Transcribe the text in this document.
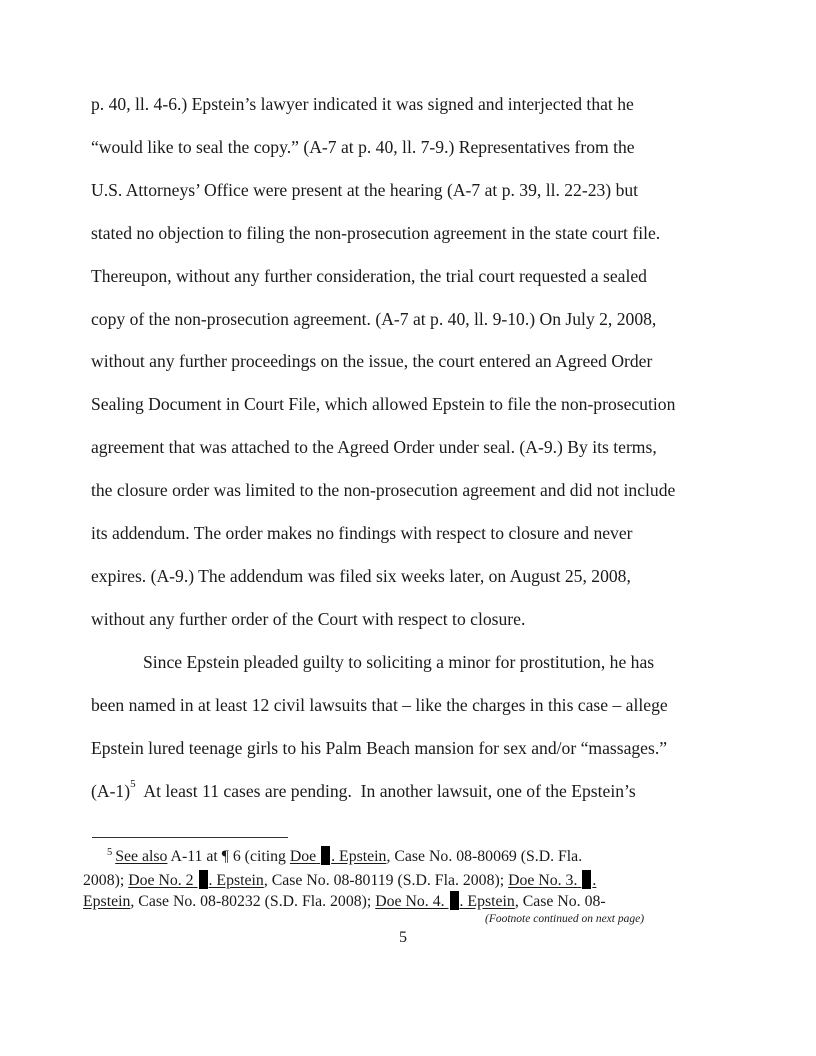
p. 40, ll. 4-6.) Epstein’s lawyer indicated it was signed and interjected that he
“would like to seal the copy.” (A-7 at p. 40, ll. 7-9.) Representatives from the
U.S. Attorneys’ Office were present at the hearing (A-7 at p. 39, ll. 22-23) but
stated no objection to filing the non-prosecution agreement in the state court file.
Thereupon, without any further consideration, the trial court requested a sealed
copy of the non-prosecution agreement. (A-7 at p. 40, ll. 9-10.) On July 2, 2008,
without any further proceedings on the issue, the court entered an Agreed Order
Sealing Document in Court File, which allowed Epstein to file the non-prosecution
agreement that was attached to the Agreed Order under seal. (A-9.) By its terms,
the closure order was limited to the non-prosecution agreement and did not include
its addendum. The order makes no findings with respect to closure and never
expires. (A-9.) The addendum was filed six weeks later, on August 25, 2008,
without any further order of the Court with respect to closure.
Since Epstein pleaded guilty to soliciting a minor for prostitution, he has
been named in at least 12 civil lawsuits that – like the charges in this case – allege
Epstein lured teenage girls to his Palm Beach mansion for sex and/or “massages.”
$(A-1)^5$  At least 11 cases are pending.  In another lawsuit, one of the Epstein’s
$^5$ See also A-11 at ¶ 6 (citing Doe . Epstein, Case No. 08-80069 (S.D. Fla.
2008); Doe No. 2 . Epstein, Case No. 08-80119 (S.D. Fla. 2008); Doe No. 3. .
Epstein, Case No. 08-80232 (S.D. Fla. 2008); Doe No. 4. . Epstein, Case No. 08-
(Footnote continued on next page)
5
